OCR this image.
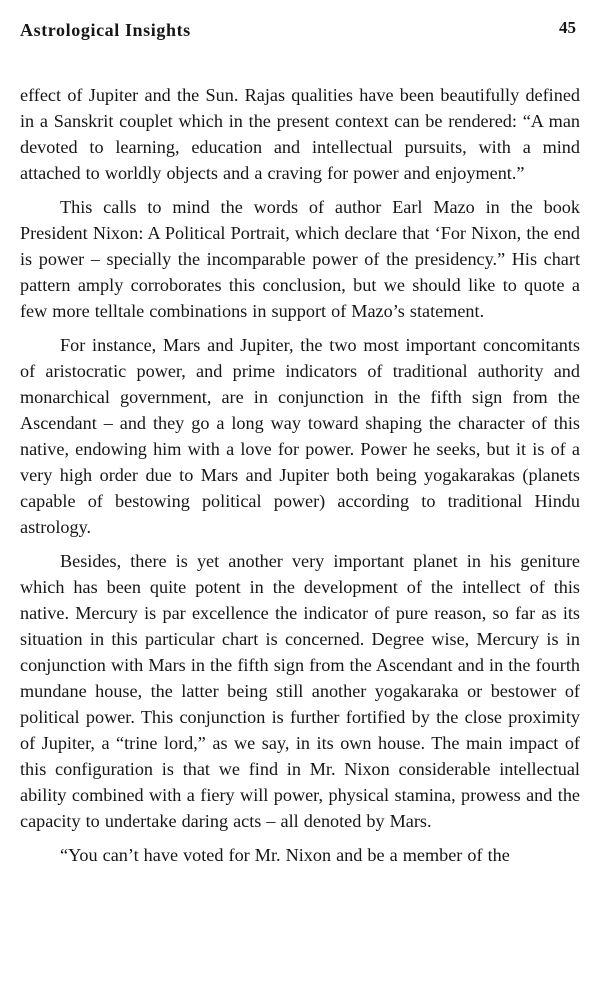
Astrological Insights	45

effect of Jupiter and the Sun. Rajas qualities have been beautifully defined in a Sanskrit couplet which in the present context can be rendered: “A man devoted to learning, education and intellectual pursuits, with a mind attached to worldly objects and a craving for power and enjoyment.”

This calls to mind the words of author Earl Mazo in the book President Nixon: A Political Portrait, which declare that ‘For Nixon, the end is power – specially the incomparable power of the presidency.” His chart pattern amply corroborates this conclusion, but we should like to quote a few more telltale combinations in support of Mazo’s statement.

For instance, Mars and Jupiter, the two most important concomitants of aristocratic power, and prime indicators of traditional authority and monarchical government, are in conjunction in the fifth sign from the Ascendant – and they go a long way toward shaping the character of this native, endowing him with a love for power. Power he seeks, but it is of a very high order due to Mars and Jupiter both being yogakarakas (planets capable of bestowing political power) according to traditional Hindu astrology.

Besides, there is yet another very important planet in his geniture which has been quite potent in the development of the intellect of this native. Mercury is par excellence the indicator of pure reason, so far as its situation in this particular chart is concerned. Degree wise, Mercury is in conjunction with Mars in the fifth sign from the Ascendant and in the fourth mundane house, the latter being still another yogakaraka or bestower of political power. This conjunction is further fortified by the close proximity of Jupiter, a “trine lord,” as we say, in its own house. The main impact of this configuration is that we find in Mr. Nixon considerable intellectual ability combined with a fiery will power, physical stamina, prowess and the capacity to undertake daring acts – all denoted by Mars.

“You can’t have voted for Mr. Nixon and be a member of the
